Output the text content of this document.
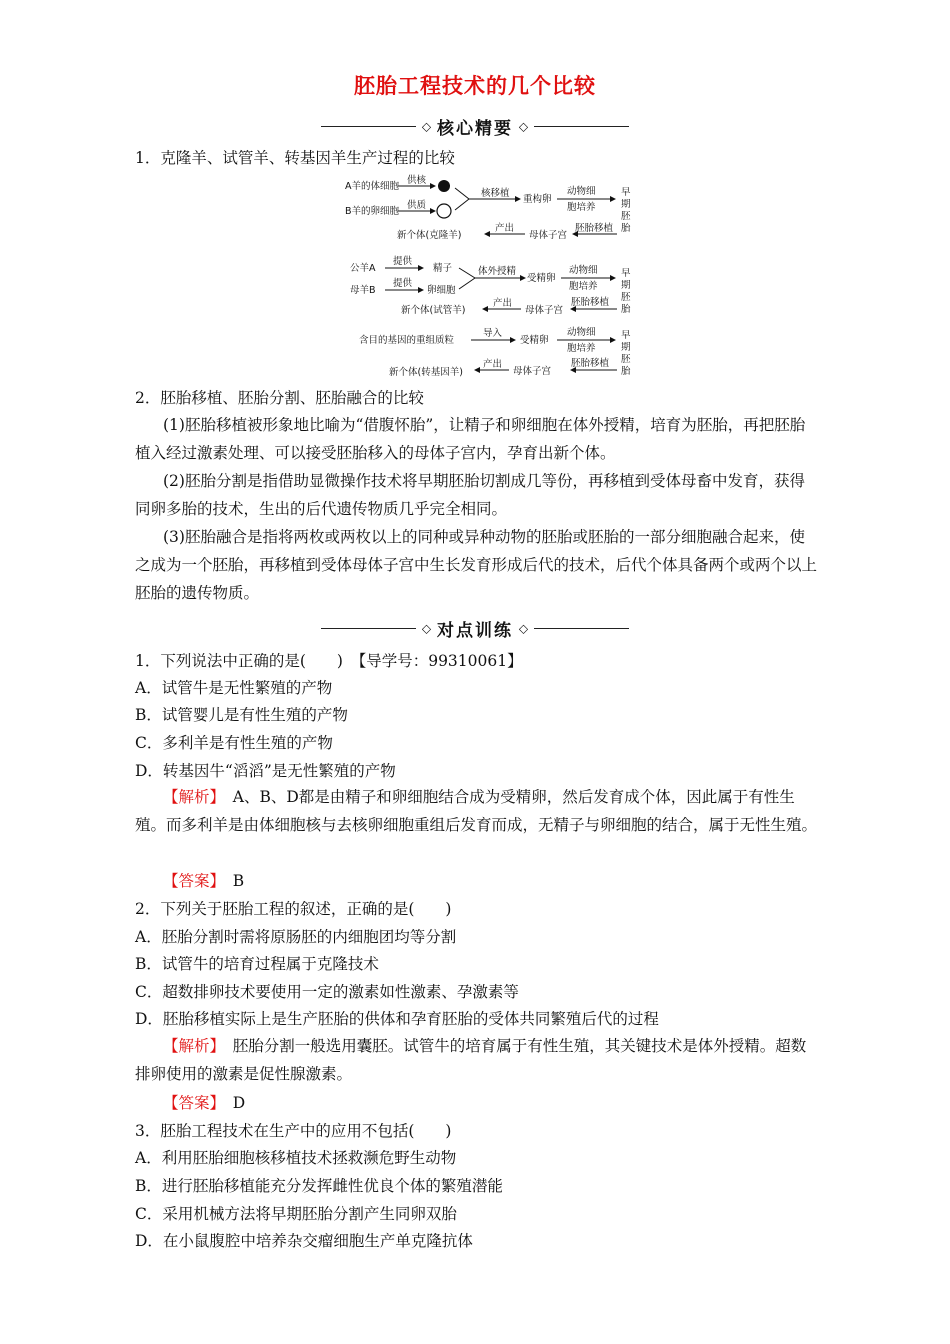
胚胎工程技术的几个比较
◇ 核心精要 ◇
1．克隆羊、试管羊、转基因羊生产过程的比较
A羊的体细胞
供核
B羊的卵细胞
供质
核移植
重构卵
动物细
胞培养
早
期
胚
胎
胚胎移植
母体子宫
产出
新个体(克隆羊)
公羊A
提供
精子
母羊B
提供
卵细胞
体外授精
受精卵
动物细
胞培养
早
期
胚
胎
胚胎移植
母体子宫
产出
新个体(试管羊)
含目的基因的重组质粒
导入
受精卵
动物细
胞培养
早
期
胚
胎
胚胎移植
母体子宫
产出
新个体(转基因羊)
2．胚胎移植、胚胎分割、胚胎融合的比较
(1)胚胎移植被形象地比喻为“借腹怀胎”，让精子和卵细胞在体外授精，培育为胚胎，再把胚胎植入经过激素处理、可以接受胚胎移入的母体子宫内，孕育出新个体。
(2)胚胎分割是指借助显微操作技术将早期胚胎切割成几等份，再移植到受体母畜中发育，获得同卵多胎的技术，生出的后代遗传物质几乎完全相同。
(3)胚胎融合是指将两枚或两枚以上的同种或异种动物的胚胎或胚胎的一部分细胞融合起来，使之成为一个胚胎，再移植到受体母体子宫中生长发育形成后代的技术，后代个体具备两个或两个以上胚胎的遗传物质。
◇ 对点训练 ◇
1．下列说法中正确的是(　　)　【导学号：99310061】
A．试管牛是无性繁殖的产物
B．试管婴儿是有性生殖的产物
C．多利羊是有性生殖的产物
D．转基因牛“滔滔”是无性繁殖的产物
【解析】　 A、B、D都是由精子和卵细胞结合成为受精卵，然后发育成个体，因此属于有性生殖。而多利羊是由体细胞核与去核卵细胞重组后发育而成，无精子与卵细胞的结合，属于无性生殖。
【答案】　 B
2．下列关于胚胎工程的叙述，正确的是(　　)
A．胚胎分割时需将原肠胚的内细胞团均等分割
B．试管牛的培育过程属于克隆技术
C．超数排卵技术要使用一定的激素如性激素、孕激素等
D．胚胎移植实际上是生产胚胎的供体和孕育胚胎的受体共同繁殖后代的过程
【解析】　 胚胎分割一般选用囊胚。试管牛的培育属于有性生殖，其关键技术是体外授精。超数排卵使用的激素是促性腺激素。
【答案】　 D
3．胚胎工程技术在生产中的应用不包括(　　)
A．利用胚胎细胞核移植技术拯救濒危野生动物
B．进行胚胎移植能充分发挥雌性优良个体的繁殖潜能
C．采用机械方法将早期胚胎分割产生同卵双胎
D．在小鼠腹腔中培养杂交瘤细胞生产单克隆抗体
